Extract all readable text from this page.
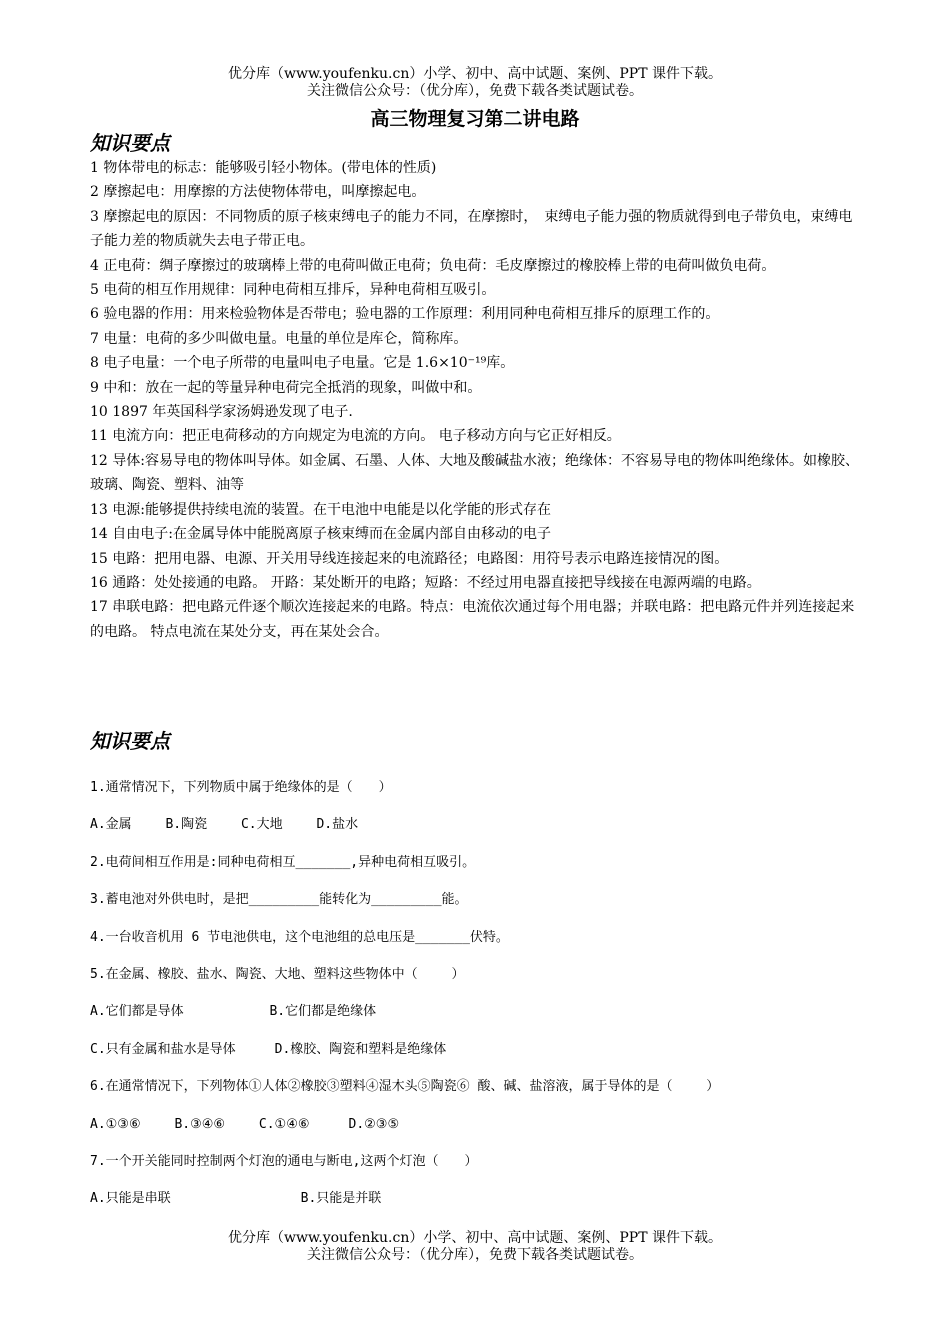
优分库（www.youfenku.cn）小学、初中、高中试题、案例、PPT 课件下载。
关注微信公众号：（优分库），免费下载各类试题试卷。
高三物理复习第二讲电路
知识要点
1 物体带电的标志：能够吸引轻小物体。(带电体的性质)
2 摩擦起电：用摩擦的方法使物体带电，叫摩擦起电。
3 摩擦起电的原因：不同物质的原子核束缚电子的能力不同，在摩擦时，　束缚电子能力强的物质就得到电子带负电，束缚电子能力差的物质就失去电子带正电。
4 正电荷：绸子摩擦过的玻璃棒上带的电荷叫做正电荷；负电荷：毛皮摩擦过的橡胶棒上带的电荷叫做负电荷。
5 电荷的相互作用规律：同种电荷相互排斥，异种电荷相互吸引。
6 验电器的作用：用来检验物体是否带电；验电器的工作原理：利用同种电荷相互排斥的原理工作的。
7 电量：电荷的多少叫做电量。电量的单位是库仑，简称库。
8 电子电量：一个电子所带的电量叫电子电量。它是 1.6×10⁻¹⁹库。
9 中和：放在一起的等量异种电荷完全抵消的现象，叫做中和。
10 1897 年英国科学家汤姆逊发现了电子.
11 电流方向：把正电荷移动的方向规定为电流的方向。 电子移动方向与它正好相反。
12 导体:容易导电的物体叫导体。如金属、石墨、人体、大地及酸碱盐水液；绝缘体：不容易导电的物体叫绝缘体。如橡胶、玻璃、陶瓷、塑料、油等
13 电源:能够提供持续电流的装置。在干电池中电能是以化学能的形式存在
14 自由电子:在金属导体中能脱离原子核束缚而在金属内部自由移动的电子
15 电路：把用电器、电源、开关用导线连接起来的电流路径；电路图：用符号表示电路连接情况的图。
16 通路：处处接通的电路。 开路：某处断开的电路；短路：不经过用电器直接把导线接在电源两端的电路。
17 串联电路：把电路元件逐个顺次连接起来的电路。特点：电流依次通过每个用电器；并联电路：把电路元件并列连接起来的电路。 特点电流在某处分支，再在某处会合。
知识要点
1.通常情况下，下列物质中属于绝缘体的是（　　）
A.金属　　 B.陶瓷　　 C.大地　　 D.盐水
2.电荷间相互作用是:同种电荷相互_______,异种电荷相互吸引。
3.蓄电池对外供电时，是把_________能转化为_________能。
4.一台收音机用 6 节电池供电，这个电池组的总电压是_______伏特。
5.在金属、橡胶、盐水、陶瓷、大地、塑料这些物体中（　　 ）
A.它们都是导体　　　　　　 B.它们都是绝缘体
C.只有金属和盐水是导体　　　D.橡胶、陶瓷和塑料是绝缘体
6.在通常情况下，下列物体①人体②橡胶③塑料④湿木头⑤陶瓷⑥ 酸、碱、盐溶液，属于导体的是（　　 ）
A.①③⑥　　 B.③④⑥　　 C.①④⑥　　　D.②③⑤
7.一个开关能同时控制两个灯泡的通电与断电,这两个灯泡（　　）
A.只能是串联　　　　　　　　　　B.只能是并联
优分库（www.youfenku.cn）小学、初中、高中试题、案例、PPT 课件下载。
关注微信公众号：（优分库），免费下载各类试题试卷。
